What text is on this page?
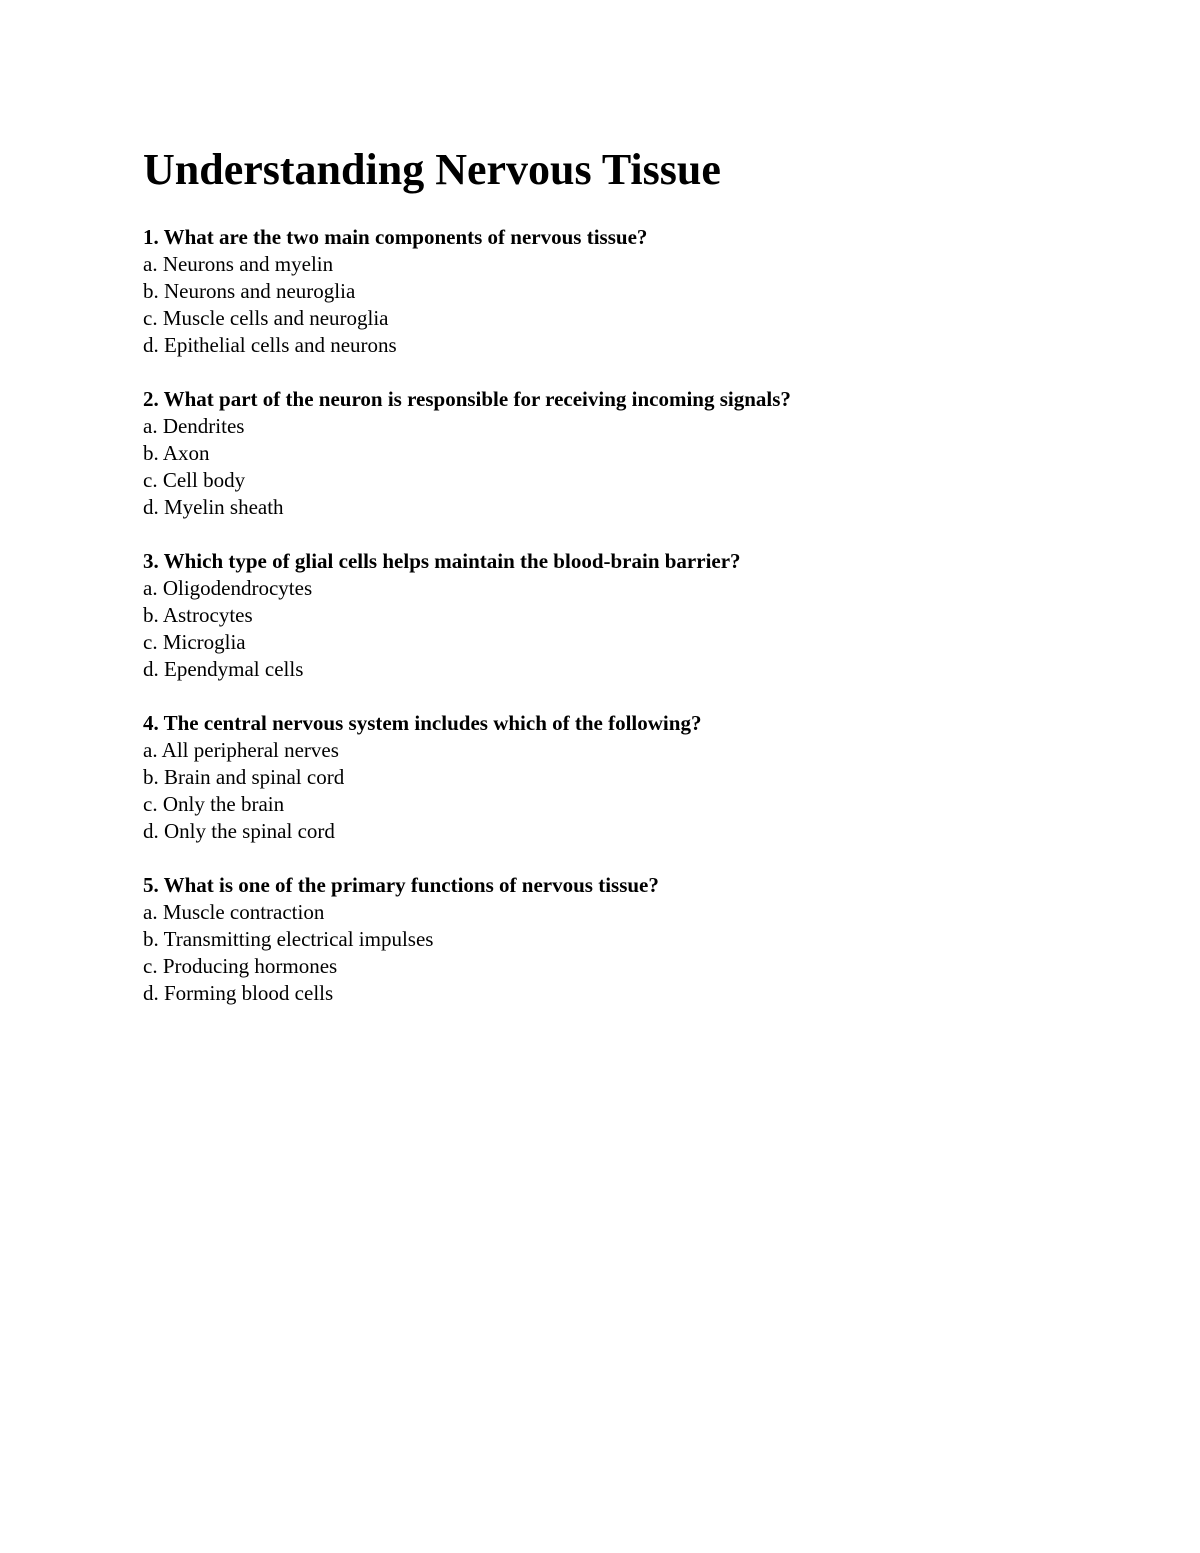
Understanding Nervous Tissue

1. What are the two main components of nervous tissue?

a. Neurons and myelin
b. Neurons and neuroglia
c. Muscle cells and neuroglia
d. Epithelial cells and neurons

2. What part of the neuron is responsible for receiving incoming signals?

a. Dendrites
b. Axon
c. Cell body
d. Myelin sheath

3. Which type of glial cells helps maintain the blood-brain barrier?

a. Oligodendrocytes
b. Astrocytes
c. Microglia
d. Ependymal cells

4. The central nervous system includes which of the following?

a. All peripheral nerves
b. Brain and spinal cord
c. Only the brain
d. Only the spinal cord

5. What is one of the primary functions of nervous tissue?

a. Muscle contraction
b. Transmitting electrical impulses
c. Producing hormones
d. Forming blood cells
